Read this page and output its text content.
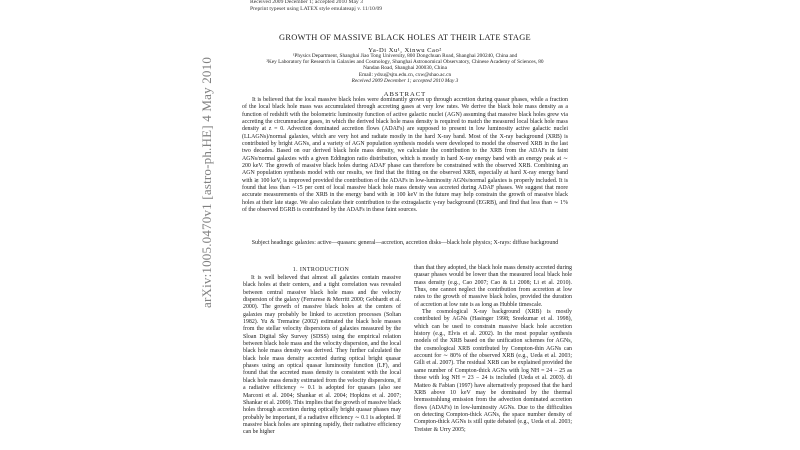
Received 2009 December 1; accepted 2010 May 3
Preprint typeset using LATEX style emulateapj v. 11/10/09
arXiv:1005.0470v1 [astro-ph.HE] 4 May 2010
GROWTH OF MASSIVE BLACK HOLES AT THEIR LATE STAGE
Ya-Di Xu¹, Xinwu Cao²
¹Physics Department, Shanghai Jiao Tong University, 800 Dongchuan Road, Shanghai 200240, China and
²Key Laboratory for Research in Galaxies and Cosmology, Shanghai Astronomical Observatory, Chinese Academy of Sciences, 80
Nandan Road, Shanghai 200030, China
Email: ydxu@sjtu.edu.cn, cxw@shao.ac.cn
Received 2009 December 1; accepted 2010 May 3
ABSTRACT
It is believed that the local massive black holes were dominantly grown up through accretion during quasar phases, while a fraction of the local black hole mass was accumulated through accreting gases at very low rates. We derive the black hole mass density as a function of redshift with the bolometric luminosity function of active galactic nuclei (AGN) assuming that massive black holes grew via accreting the circumnuclear gases, in which the derived black hole mass density is required to match the measured local black hole mass density at z = 0. Advection dominated accretion flows (ADAFs) are supposed to present in low luminosity active galactic nuclei (LLAGNs)/normal galaxies, which are very hot and radiate mostly in the hard X-ray band. Most of the X-ray background (XRB) is contributed by bright AGNs, and a variety of AGN population synthesis models were developed to model the observed XRB in the last two decades. Based on our derived black hole mass density, we calculate the contribution to the XRB from the ADAFs in faint AGNs/normal galaxies with a given Eddington ratio distribution, which is mostly in hard X-ray energy band with an energy peak at ∼ 200 keV. The growth of massive black holes during ADAF phase can therefore be constrained with the observed XRB. Combining an AGN population synthesis model with our results, we find that the fitting on the observed XRB, especially at hard X-ray energy band with ≳ 100 keV, is improved provided the contribution of the ADAFs in low-luminosity AGNs/normal galaxies is properly included. It is found that less than ∼15 per cent of local massive black hole mass density was accreted during ADAF phases. We suggest that more accurate measurements of the XRB in the energy band with ≳ 100 keV in the future may help constrain the growth of massive black holes at their late stage. We also calculate their contribution to the extragalactic γ-ray background (EGRB), and find that less than ∼ 1% of the observed EGRB is contributed by the ADAFs in these faint sources.
Subject headings: galaxies: active—quasars: general—accretion, accretion disks—black hole physics; X-rays: diffuse background
1. INTRODUCTION
It is well believed that almost all galaxies contain massive black holes at their centers, and a tight correlation was revealed between central massive black hole mass and the velocity dispersion of the galaxy (Ferrarese & Merritt 2000; Gebhardt et al. 2000). The growth of massive black holes at the centers of galaxies may probably be linked to accretion processes (Soltan 1982). Yu & Tremaine (2002) estimated the black hole masses from the stellar velocity dispersions of galaxies measured by the Sloan Digital Sky Survey (SDSS) using the empirical relation between black hole mass and the velocity dispersion, and the local black hole mass density was derived. They further calculated the black hole mass density accreted during optical bright quasar phases using an optical quasar luminosity function (LF), and found that the accreted mass density is consistent with the local black hole mass density estimated from the velocity dispersions, if a radiative efficiency ∼ 0.1 is adopted for quasars (also see Marconi et al. 2004; Shankar et al. 2004; Hopkins et al. 2007; Shankar et al. 2009). This implies that the growth of massive black holes through accretion during optically bright quasar phases may probably be important, if a radiative efficiency ∼ 0.1 is adopted. If massive black holes are spinning rapidly, their radiative efficiency can be higher

than that they adopted, the black hole mass density accreted during quasar phases would be lower than the measured local black hole mass density (e.g., Cao 2007; Cao & Li 2008; Li et al. 2010). Thus, one cannot neglect the contribution from accretion at low rates to the growth of massive black holes, provided the duration of accretion at low rate is as long as Hubble timescale.

The cosmological X-ray background (XRB) is mostly contributed by AGNs (Hasinger 1998; Sreekumar et al. 1998), which can be used to constrain massive black hole accretion history (e.g., Elvis et al. 2002). In the most popular synthesis models of the XRB based on the unification schemes for AGNs, the cosmological XRB contributed by Compton-thin AGNs can account for ∼ 80% of the observed XRB (e.g., Ueda et al. 2003; Gilli et al. 2007). The residual XRB can be explained provided the same number of Compton-thick AGNs with log NH = 24 − 25 as those with log NH = 23 − 24 is included (Ueda et al. 2003). di Matteo & Fabian (1997) have alternatively proposed that the hard XRB above 10 keV may be dominated by the thermal bremsstrahlung emission from the advection dominated accretion flows (ADAFs) in low-luminosity AGNs. Due to the difficulties on detecting Compton-thick AGNs, the space number density of Compton-thick AGNs is still quite debated (e.g., Ueda et al. 2003; Treister & Urry 2005;
